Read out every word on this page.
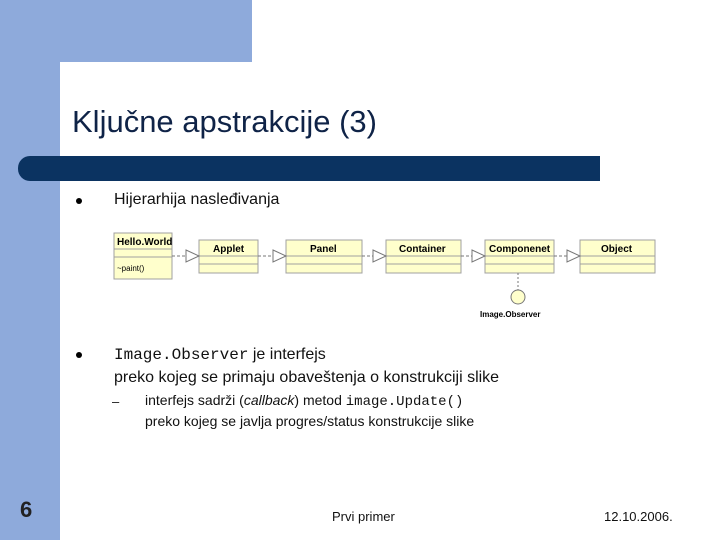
Ključne apstrakcije (3)
Hijerarhija nasleđivanja
Hello.World
~paint()
Applet	Panel	Container	Componenet	Object
Image.Observer
Image.Observer je interfejs
preko kojeg se primaju obaveštenja o konstrukciji slike
– interfejs sadrži (callback) metod image.Update()
preko kojeg se javlja progres/status konstrukcije slike
6	Prvi primer	12.10.2006.
